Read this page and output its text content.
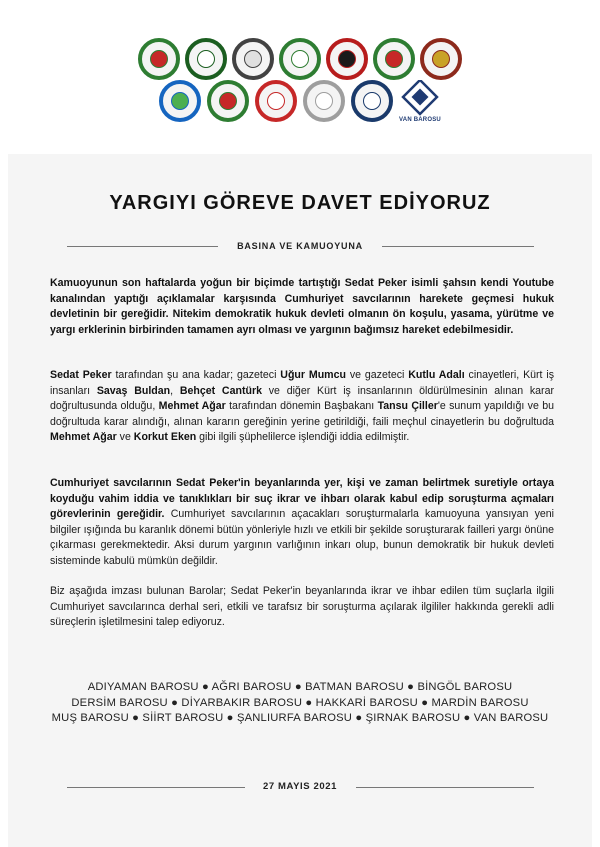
VAN BAROSU
YARGIYI GÖREVE DAVET EDİYORUZ
BASINA VE KAMUOYUNA

Kamuoyunun son haftalarda yoğun bir biçimde tartıştığı Sedat Peker isimli şahsın kendi Youtube kanalından yaptığı açıklamalar karşısında Cumhuriyet savcılarının harekete geçmesi hukuk devletinin bir gereğidir. Nitekim demokratik hukuk devleti olmanın ön koşulu, yasama, yürütme ve yargı erklerinin birbirinden tamamen ayrı olması ve yargının bağımsız hareket edebilmesidir.

Sedat Peker tarafından şu ana kadar; gazeteci Uğur Mumcu ve gazeteci Kutlu Adalı cinayetleri, Kürt iş insanları Savaş Buldan, Behçet Cantürk ve diğer Kürt iş insanlarının öldürülmesinin alınan karar doğrultusunda olduğu, Mehmet Ağar tarafından dönemin Başbakanı Tansu Çiller'e sunum yapıldığı ve bu doğrultuda karar alındığı, alınan kararın gereğinin yerine getirildiği, faili meçhul cinayetlerin bu doğrultuda Mehmet Ağar ve Korkut Eken gibi ilgili şüphelilerce işlendiği iddia edilmiştir.

Cumhuriyet savcılarının Sedat Peker'in beyanlarında yer, kişi ve zaman belirtmek suretiyle ortaya koyduğu vahim iddia ve tanıklıkları bir suç ikrar ve ihbarı olarak kabul edip soruşturma açmaları görevlerinin gereğidir. Cumhuriyet savcılarının açacakları soruşturmalarla kamuoyuna yansıyan yeni bilgiler ışığında bu karanlık dönemi bütün yönleriyle hızlı ve etkili bir şekilde soruşturarak failleri yargı önüne çıkarması gerekmektedir. Aksi durum yargının varlığının inkarı olup, bunun demokratik bir hukuk devleti sisteminde kabulü mümkün değildir.

Biz aşağıda imzası bulunan Barolar; Sedat Peker'in beyanlarında ikrar ve ihbar edilen tüm suçlarla ilgili Cumhuriyet savcılarınca derhal seri, etkili ve tarafsız bir soruşturma açılarak ilgililer hakkında gerekli adli süreçlerin işletilmesini talep ediyoruz.

ADIYAMAN BAROSU ● AĞRI BAROSU ● BATMAN BAROSU ● BİNGÖL BAROSU
DERSİM BAROSU ● DİYARBAKIR BAROSU ● HAKKARİ BAROSU ● MARDİN BAROSU
MUŞ BAROSU ● SİİRT BAROSU ● ŞANLIURFA BAROSU ● ŞIRNAK BAROSU ● VAN BAROSU
27 MAYIS 2021
